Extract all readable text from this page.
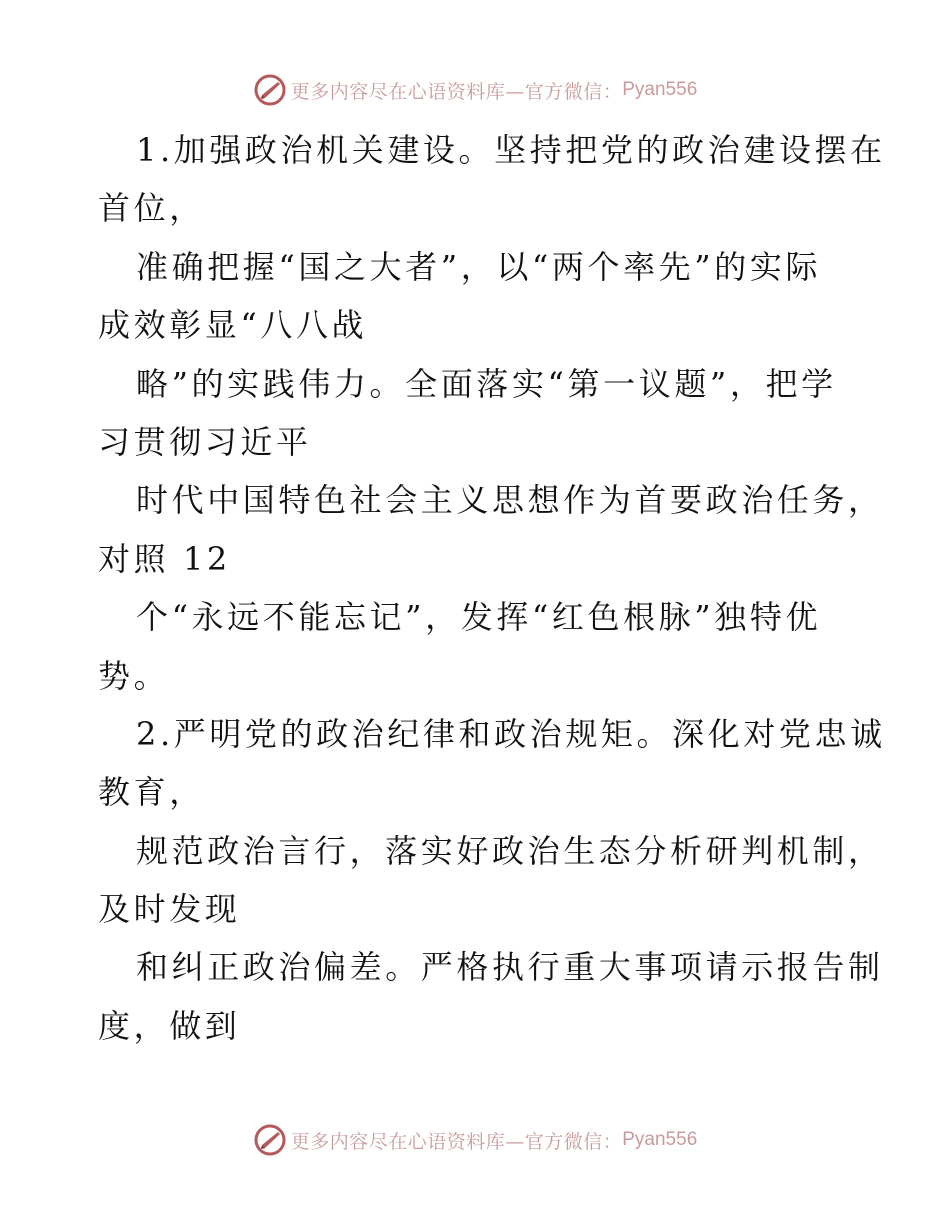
更多内容尽在心语资料库—官方微信： Pyan556
1.加强政治机关建设。坚持把党的政治建设摆在
首位，
准确把握“国之大者”，以“两个率先”的实际
成效彰显“八八战
略”的实践伟力。全面落实“第一议题”，把学
习贯彻习近平
时代中国特色社会主义思想作为首要政治任务，
对照 12
个“永远不能忘记”，发挥“红色根脉”独特优
势。
2.严明党的政治纪律和政治规矩。深化对党忠诚
教育，
规范政治言行，落实好政治生态分析研判机制，
及时发现
和纠正政治偏差。严格执行重大事项请示报告制
度，做到
更多内容尽在心语资料库—官方微信： Pyan556
